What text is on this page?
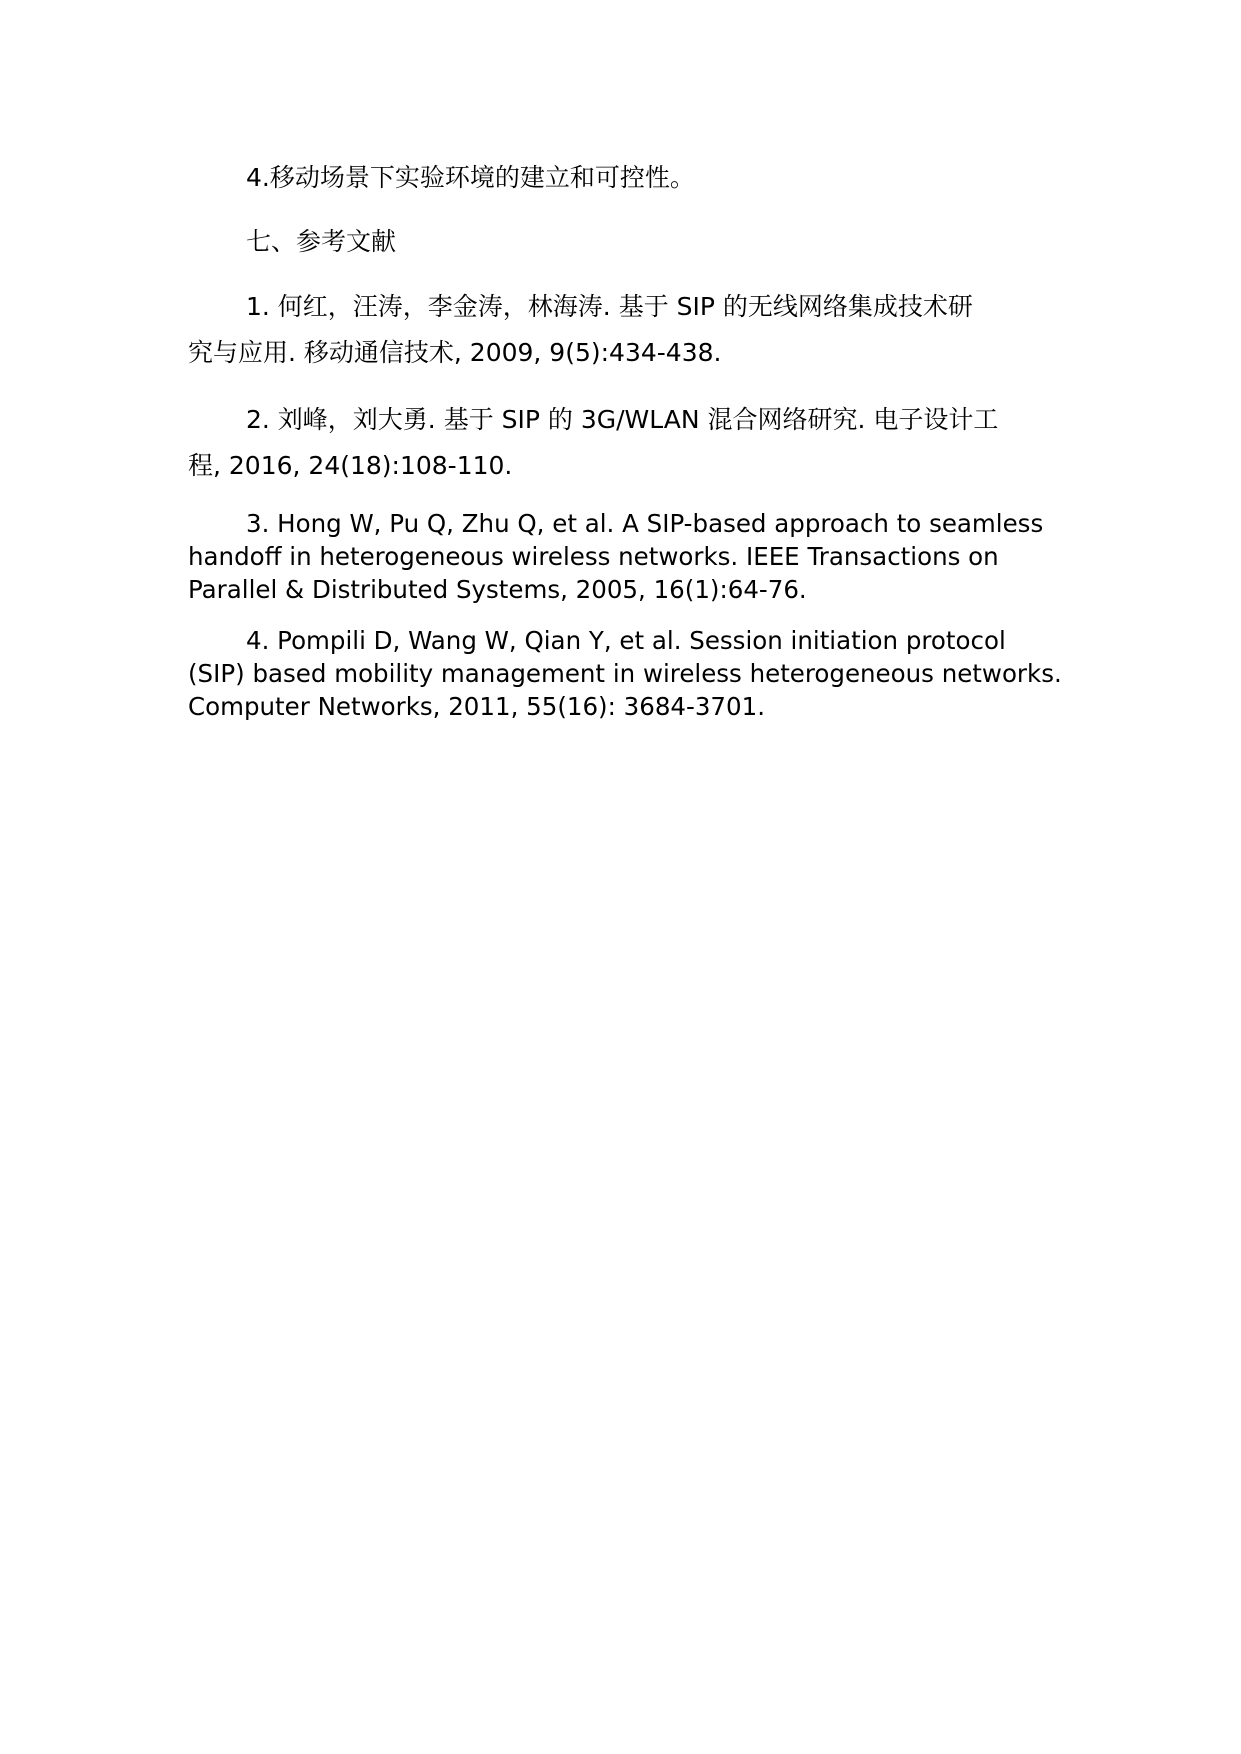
4.移动场景下实验环境的建立和可控性。

七、参考文献

1. 何红，汪涛，李金涛，林海涛. 基于 SIP 的无线网络集成技术研
究与应用. 移动通信技术, 2009, 9(5):434-438.

2. 刘峰，刘大勇. 基于 SIP 的 3G/WLAN 混合网络研究. 电子设计工
程, 2016, 24(18):108-110.

3. Hong W, Pu Q, Zhu Q, et al. A SIP-based approach to seamless
handoff in heterogeneous wireless networks. IEEE Transactions on
Parallel & Distributed Systems, 2005, 16(1):64-76.

4. Pompili D, Wang W, Qian Y, et al. Session initiation protocol
(SIP) based mobility management in wireless heterogeneous networks.
Computer Networks, 2011, 55(16): 3684-3701.
